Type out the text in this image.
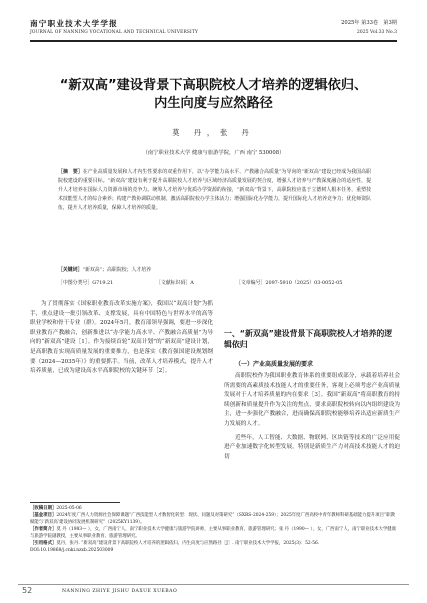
南宁职业技术大学学报
JOURNAL OF NANNING VOCATIONAL AND TECHNICAL UNIVERSITY
2025年 第33卷　第3期
2025 Vol.33 No.3
“新双高”建设背景下高职院校人才培养的逻辑依归、
内生向度与应然路径
莫 丹，张 丹
（南宁职业技术大学 健康与旅游学院，广西 南宁 530008）
［摘　要］在产业高质量发展和人才内生性要求的双重作用下，以“办学能力高水平、产教融合高质量”为导向的“新双高”建设已经成为我国高职院校建设的重要目标。“新双高”建设有利于提升高职院校人才培养与区域经济高质量发展的契合度，增强人才培养与产教深度融合的适应性，提升人才培养在国际人力资源市场的竞争力。统筹人才培养与优质办学资源的衔接，“新双高”背景下，高职院校应基于立德树人根本任务，重塑技术技能型人才的综合素养；构建产教协调联动机制，激活高职院校办学主体活力；增强国际化办学能力，提升国际化人才培养竞争力；优化师资队伍，提升人才培养质量，保障人才培养的质量。
［关键词］“新双高”；高职院校；人才培养
［中图分类号］G719.21	［文献标识码］A	［文章编号］2097-5910（2025）03-0052-05

为了贯彻落实《国家职业教育改革实施方案》，我国以“双高计划”为抓手，重点建设一批引领改革、支撑发展，具有中国特色与世界水平的高等职业学校和骨干专业（群）。2024年5月，教育部领导强调，要进一步深化职业教育产教融合，创新推进以“办学能力高水平、产教融合高质量”为导向的“新双高”建设［1］。作为接续首轮“双高计划”的“新双高”建设计划，是高职教育实现高质量发展的重要推力，也是落实《教育强国建设规划纲要（2024—2035年）》的重要抓手。当前，改革人才培养模式，提升人才培养质量，已成为建设高水平高职院校的关键环节［2］。

一、“新双高”建设背景下高职院校人才培养的逻辑依归
（一）产业高质量发展的要求

高职院校作为我国职业教育体系的重要组成部分，承载着培养社会所需要的高素质技术技能人才的重要任务，客观上必须考虑产业高质量发展对于人才培养质量的内在要求［3］。我国“新双高”将高职教育的持续创新和质量提升作为关注的焦点，要求高职院校转向以内组织建设为主，进一步强化产教融合，进而确保高职院校能够培养出适应新质生产力发展的人才。

近些年，人工智能、大数据、物联网、区块链等技术的广泛应用促进产业加速数字化转型发展，特别是新质生产力对高技术技能人才的迫切

［收稿日期］2025-05-06
［基金项目］2024年度广西人力资源社会保障课题“广西技能型人才数智化转型：现状、问题及对策研究”（SXRS-2024-259）；2025年度广西高校中青年教师科研基础能力提升项目“职教赋能与‘新双高’建设协同发展机制研究”（2025KY1139）。
［作者简介］莫 丹（1983— ），女，广西南宁人，南宁职业技术大学健康与旅游学院讲师，主要从事职业教育、旅游管理研究；张 丹（1990— ），女，广西南宁人，南宁职业技术大学健康与旅游学院副教授，主要从事职业教育、旅游管理研究。
［引用格式］莫丹，张丹. “新双高”建设背景下高职院校人才培养的逻辑依归、内生向度与应然路径［J］. 南宁职业技术大学学报，2025(3)：52-56.
DOI:10.19868/j.cnki.nzxb.202503009
52	NANNING ZHIYE JISHU DAXUE XUEBAO
